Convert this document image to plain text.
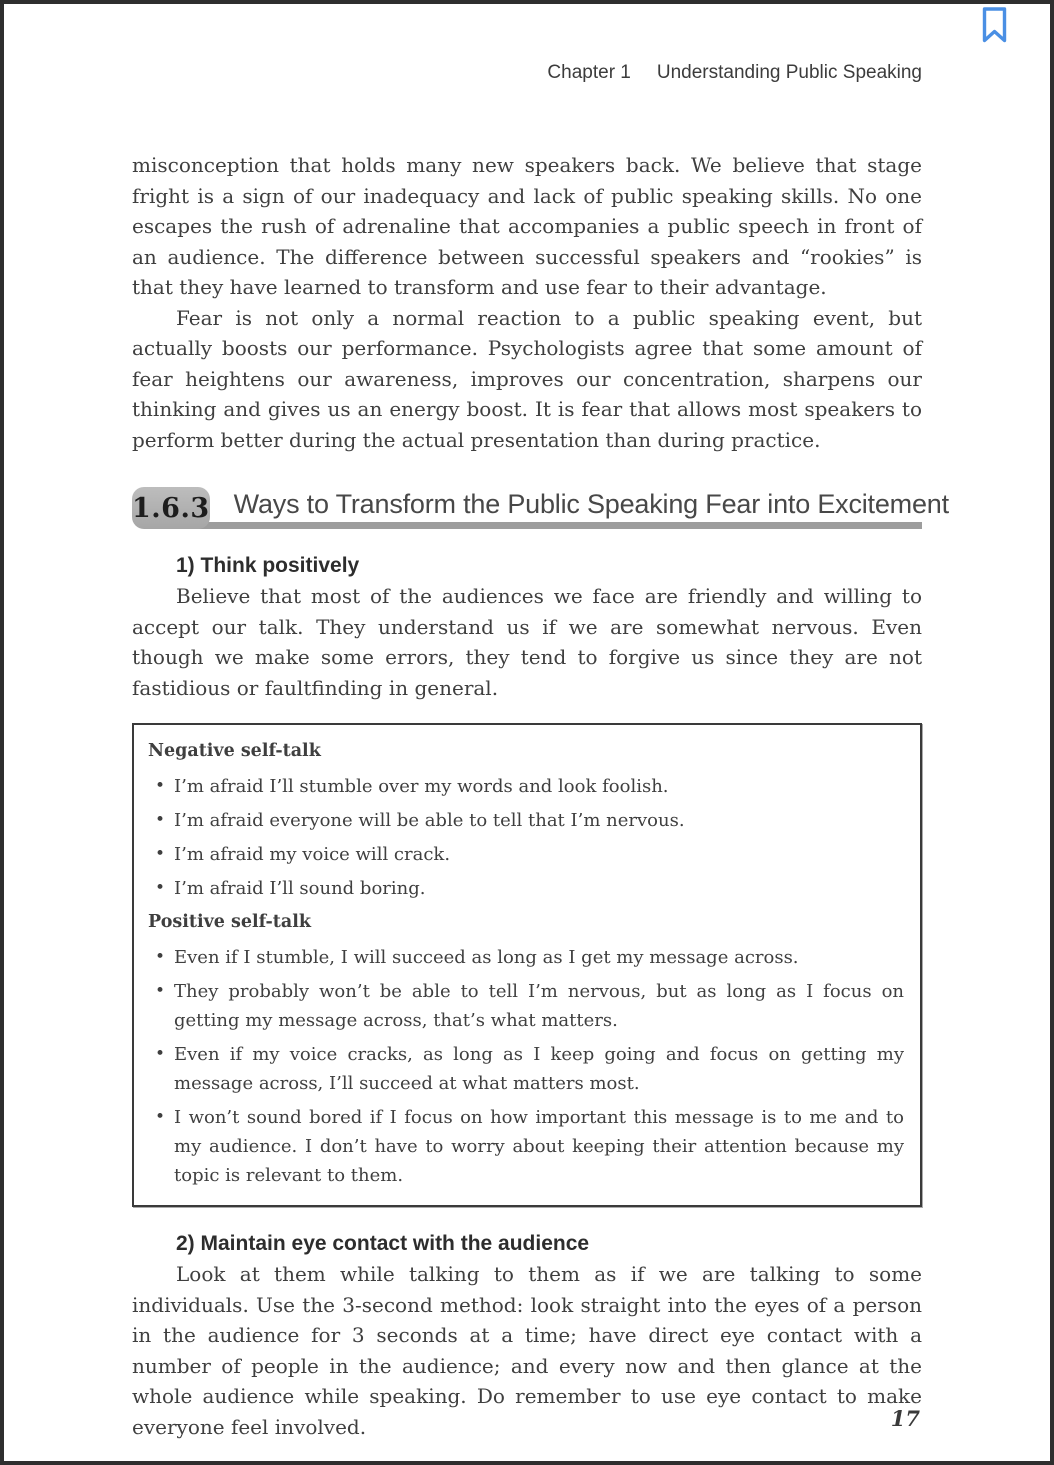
Chapter 1 Understanding Public Speaking

misconception that holds many new speakers back. We believe that stage fright is a sign of our inadequacy and lack of public speaking skills. No one escapes the rush of adrenaline that accompanies a public speech in front of an audience. The difference between successful speakers and “rookies” is that they have learned to transform and use fear to their advantage.

Fear is not only a normal reaction to a public speaking event, but actually boosts our performance. Psychologists agree that some amount of fear heightens our awareness, improves our concentration, sharpens our thinking and gives us an energy boost. It is fear that allows most speakers to perform better during the actual presentation than during practice.

1.6.3 Ways to Transform the Public Speaking Fear into Excitement
1) Think positively

Believe that most of the audiences we face are friendly and willing to accept our talk. They understand us if we are somewhat nervous. Even though we make some errors, they tend to forgive us since they are not fastidious or faultfinding in general.

Negative self-talk
• I’m afraid I’ll stumble over my words and look foolish.
• I’m afraid everyone will be able to tell that I’m nervous.
• I’m afraid my voice will crack.
• I’m afraid I’ll sound boring.
Positive self-talk
• Even if I stumble, I will succeed as long as I get my message across.
• They probably won’t be able to tell I’m nervous, but as long as I focus on getting my message across, that’s what matters.
• Even if my voice cracks, as long as I keep going and focus on getting my message across, I’ll succeed at what matters most.
• I won’t sound bored if I focus on how important this message is to me and to my audience. I don’t have to worry about keeping their attention because my topic is relevant to them.
2) Maintain eye contact with the audience

Look at them while talking to them as if we are talking to some individuals. Use the 3-second method: look straight into the eyes of a person in the audience for 3 seconds at a time; have direct eye contact with a number of people in the audience; and every now and then glance at the whole audience while speaking. Do remember to use eye contact to make everyone feel involved.	17
